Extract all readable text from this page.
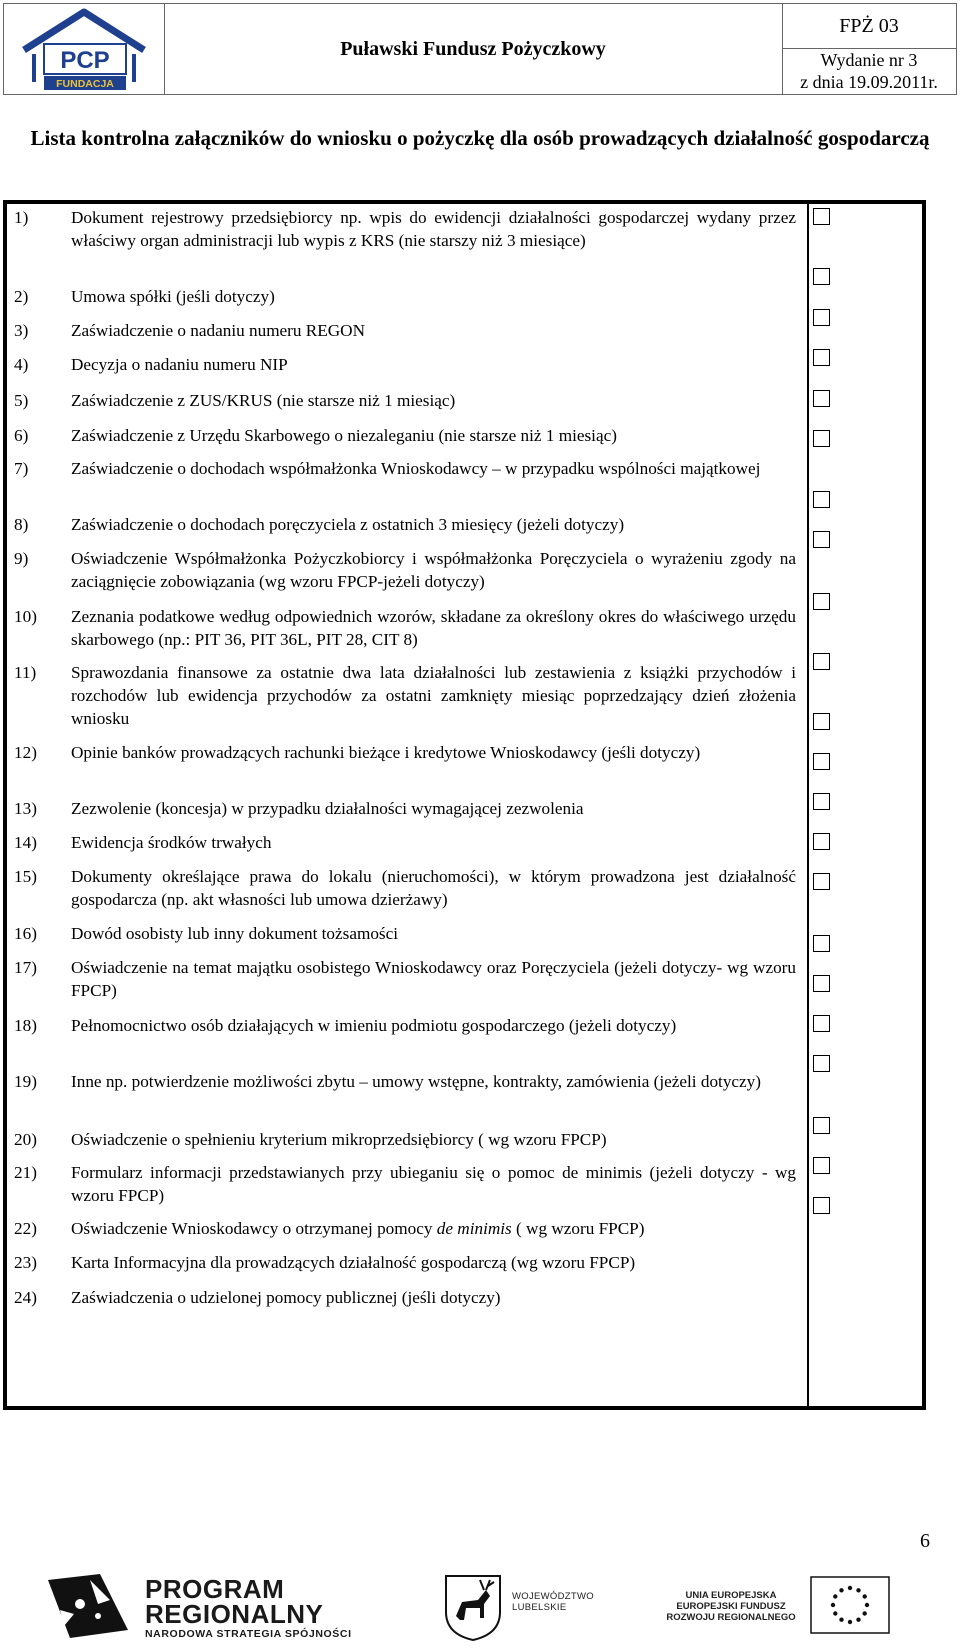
PCP
FUNDACJA
Puławski Fundusz Pożyczkowy
FPŻ 03
Wydanie nr 3
z dnia 19.09.2011r.
Lista kontrolna załączników do wniosku o pożyczkę dla osób prowadzących działalność gospodarczą
1) Dokument rejestrowy przedsiębiorcy np. wpis do ewidencji działalności gospodarczej wydany przez właściwy organ administracji lub wypis z KRS (nie starszy niż 3 miesiące)
2) Umowa spółki (jeśli dotyczy)
3) Zaświadczenie o nadaniu numeru REGON
4) Decyzja o nadaniu numeru NIP
5) Zaświadczenie z ZUS/KRUS (nie starsze niż 1 miesiąc)
6) Zaświadczenie z Urzędu Skarbowego o niezaleganiu (nie starsze niż 1 miesiąc)
7) Zaświadczenie o dochodach współmałżonka Wnioskodawcy – w przypadku wspólności majątkowej
8) Zaświadczenie o dochodach poręczyciela z ostatnich 3 miesięcy (jeżeli dotyczy)
9) Oświadczenie Współmałżonka Pożyczkobiorcy i współmałżonka Poręczyciela o wyrażeniu zgody na zaciągnięcie zobowiązania (wg wzoru FPCP-jeżeli dotyczy)
10) Zeznania podatkowe według odpowiednich wzorów, składane za określony okres do właściwego urzędu skarbowego (np.: PIT 36, PIT 36L, PIT 28, CIT 8)
11) Sprawozdania finansowe za ostatnie dwa lata działalności lub zestawienia z książki przychodów i rozchodów lub ewidencja przychodów za ostatni zamknięty miesiąc poprzedzający dzień złożenia wniosku
12) Opinie banków prowadzących rachunki bieżące i kredytowe Wnioskodawcy (jeśli dotyczy)
13) Zezwolenie (koncesja) w przypadku działalności wymagającej zezwolenia
14) Ewidencja środków trwałych
15) Dokumenty określające prawa do lokalu (nieruchomości), w którym prowadzona jest działalność gospodarcza (np. akt własności lub umowa dzierżawy)
16) Dowód osobisty lub inny dokument tożsamości
17) Oświadczenie na temat majątku osobistego Wnioskodawcy oraz Poręczyciela (jeżeli dotyczy- wg wzoru FPCP)
18) Pełnomocnictwo osób działających w imieniu podmiotu gospodarczego (jeżeli dotyczy)
19) Inne np. potwierdzenie możliwości zbytu – umowy wstępne, kontrakty, zamówienia (jeżeli dotyczy)
20) Oświadczenie o spełnieniu kryterium mikroprzedsiębiorcy ( wg wzoru FPCP)
21) Formularz informacji przedstawianych przy ubieganiu się o pomoc de minimis (jeżeli dotyczy - wg wzoru FPCP)
22) Oświadczenie Wnioskodawcy o otrzymanej pomocy de minimis ( wg wzoru FPCP)
23) Karta Informacyjna dla prowadzących działalność gospodarczą (wg wzoru FPCP)
24) Zaświadczenia o udzielonej pomocy publicznej (jeśli dotyczy)
6
PROGRAM
REGIONALNY
NARODOWA STRATEGIA SPÓJNOŚCI
WOJEWÓDZTWO
LUBELSKIE
UNIA EUROPEJSKA
EUROPEJSKI FUNDUSZ
ROZWOJU REGIONALNEGO
